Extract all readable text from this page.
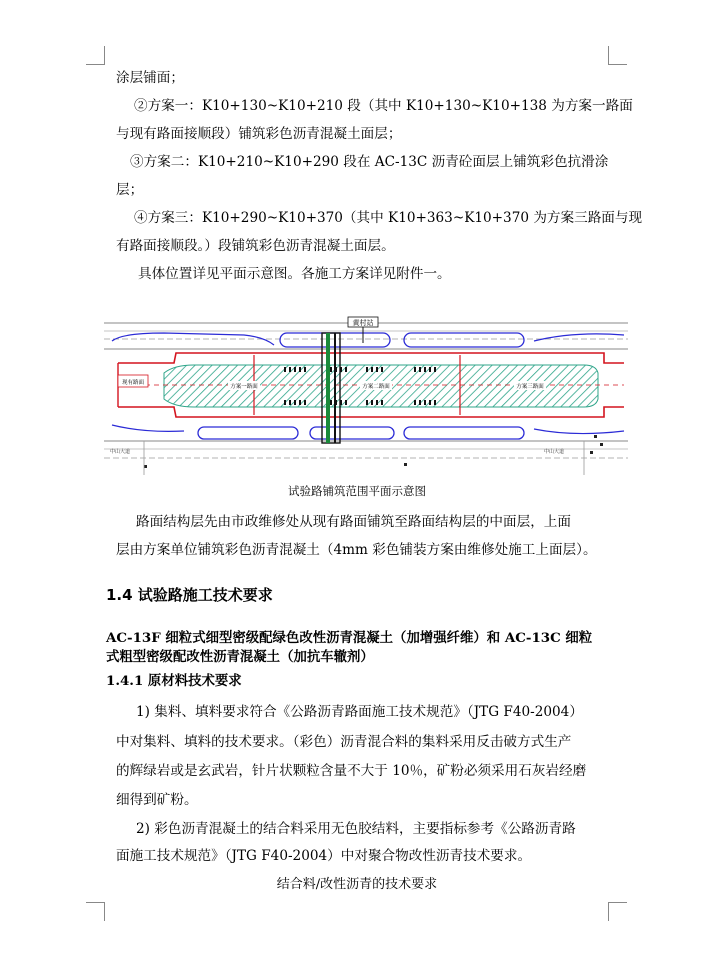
涂层铺面；
②方案一：K10+130~K10+210 段（其中 K10+130~K10+138 为方案一路面
与现有路面接顺段）铺筑彩色沥青混凝土面层；
③方案二：K10+210~K10+290 段在 AC-13C 沥青砼面层上铺筑彩色抗滑涂
层；
④方案三：K10+290~K10+370（其中 K10+363~K10+370 为方案三路面与现
有路面接顺段。）段铺筑彩色沥青混凝土面层。
具体位置详见平面示意图。各施工方案详见附件一。
现有路面
方案一路面	方案二路面	方案三路面
黄村站
中山大道	中山大道
试验路铺筑范围平面示意图
路面结构层先由市政维修处从现有路面铺筑至路面结构层的中面层，上面
层由方案单位铺筑彩色沥青混凝土（4mm 彩色铺装方案由维修处施工上面层）。
1.4 试验路施工技术要求
AC-13F 细粒式细型密级配绿色改性沥青混凝土（加增强纤维）和 AC-13C 细粒
式粗型密级配改性沥青混凝土（加抗车辙剂）
1.4.1 原材料技术要求
1) 集料、填料要求符合《公路沥青路面施工技术规范》（JTG F40-2004）
中对集料、填料的技术要求。（彩色）沥青混合料的集料采用反击破方式生产
的辉绿岩或是玄武岩，针片状颗粒含量不大于 10％，矿粉必须采用石灰岩经磨
细得到矿粉。
2) 彩色沥青混凝土的结合料采用无色胶结料，主要指标参考《公路沥青路
面施工技术规范》（JTG F40-2004）中对聚合物改性沥青技术要求。
结合料/改性沥青的技术要求
